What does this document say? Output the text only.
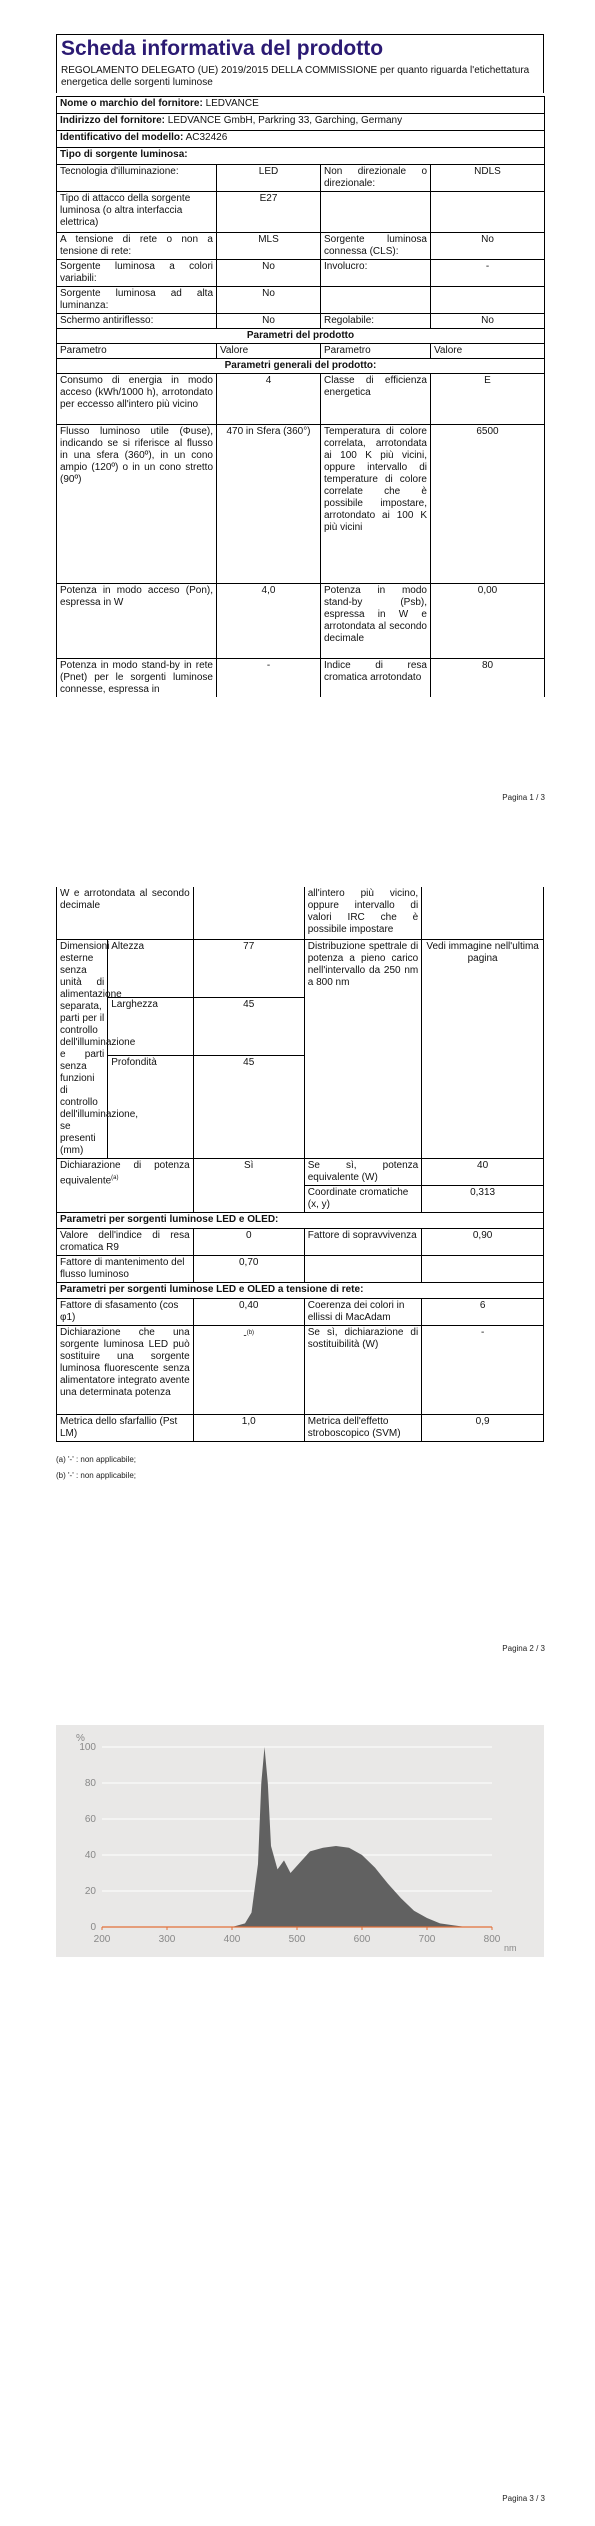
Scheda informativa del prodotto
REGOLAMENTO DELEGATO (UE) 2019/2015 DELLA COMMISSIONE per quanto riguarda l'etichettatura energetica delle sorgenti luminose
Nome o marchio del fornitore: LEDVANCE			
Indirizzo del fornitore: LEDVANCE GmbH, Parkring 33, Garching, Germany			
Identificativo del modello: AC32426			
Tipo di sorgente luminosa:			
Tecnologia d'illuminazione:	LED	Non direzionale o direzionale:	NDLS
Tipo di attacco della sorgente luminosa (o altra interfaccia elettrica)	E27		
A tensione di rete o non a tensione di rete:	MLS	Sorgente luminosa connessa (CLS):	No
Sorgente luminosa a colori variabili:	No	Involucro:	-
Sorgente luminosa ad alta luminanza:	No		
Schermo antiriflesso:	No	Regolabile:	No
Parametri del prodotto			
Parametro	Valore	Parametro	Valore
Parametri generali del prodotto:			
Consumo di energia in modo acceso (kWh/1000 h), arrotondato per eccesso all'intero più vicino	4	Classe di efficienza energetica	E
Flusso luminoso utile (Φuse), indicando se si riferisce al flusso in una sfera (360º), in un cono ampio (120º) o in un cono stretto (90º)	470 in Sfera (360°)	Temperatura di colore correlata, arrotondata ai 100 K più vicini, oppure intervallo di temperature di colore correlate che è possibile impostare, arrotondato ai 100 K più vicini	6500
Potenza in modo acceso (Pon), espressa in W	4,0	Potenza in modo stand-by (Psb), espressa in W e arrotondata al secondo decimale	0,00
Potenza in modo stand-by in rete (Pnet) per le sorgenti luminose connesse, espressa in	-	Indice di resa cromatica arrotondato	80
Pagina 1 / 3
W e arrotondata al secondo decimale			all'intero più vicino, oppure intervallo di valori IRC che è possibile impostare	
Dimensioni esterne senza unità di alimentazione separata, parti per il controllo dell'illuminazione e parti senza funzioni di controllo dell'illuminazione, se presenti (mm)	Altezza	77	Distribuzione spettrale di potenza a pieno carico nell'intervallo da 250 nm a 800 nm	Vedi immagine nell'ultima pagina
	Larghezza	45		
	Profondità	45		
Dichiarazione di potenza equivalente$^{(a)}$		Sì	Se sì, potenza equivalente (W)	40
			Coordinate cromatiche (x, y)	0,313
Parametri per sorgenti luminose LED e OLED:				
Valore dell'indice di resa cromatica R9		0	Fattore di sopravvivenza	0,90
Fattore di mantenimento del flusso luminoso		0,70		
Parametri per sorgenti luminose LED e OLED a tensione di rete:				
Fattore di sfasamento (cos φ1)		0,40	Coerenza dei colori in ellissi di MacAdam	6
Dichiarazione che una sorgente luminosa LED può sostituire una sorgente luminosa fluorescente senza alimentatore integrato avente una determinata potenza		-$^{(b)}$	Se sì, dichiarazione di sostituibilità (W)	-
Metrica dello sfarfallio (Pst LM)		1,0	Metrica dell'effetto stroboscopico (SVM)	0,9
(a) '-' : non applicabile;
(b) '-' : non applicabile;
Pagina 2 / 3
%
nm
0
20
40
60
80
100
200	300	400	500	600	700	800
Pagina 3 / 3
